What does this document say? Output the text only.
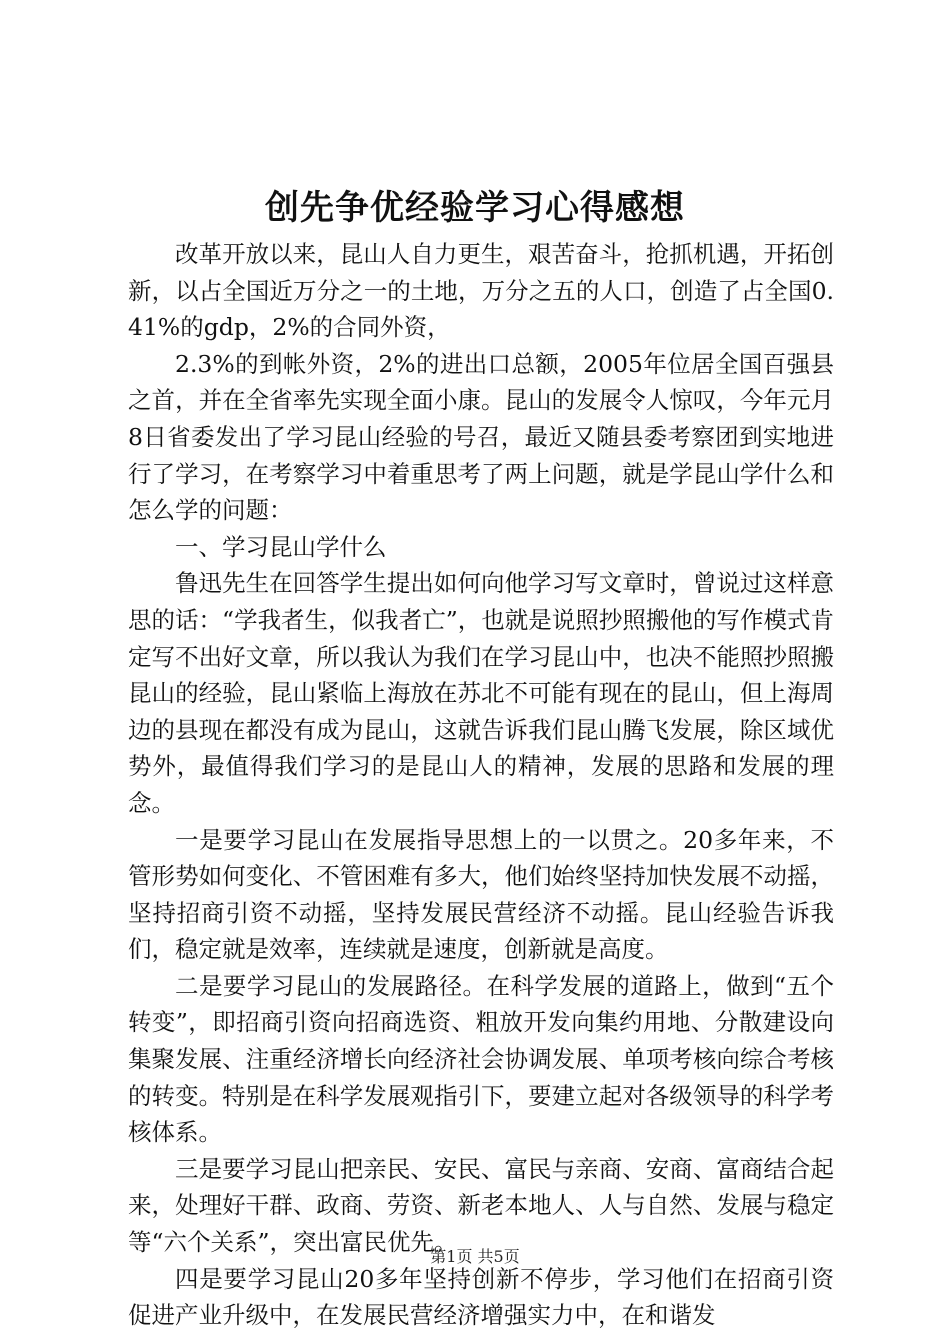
创先争优经验学习心得感想

改革开放以来，昆山人自力更生，艰苦奋斗，抢抓机遇，开拓创新，以占全国近万分之一的土地，万分之五的人口，创造了占全国0.41%的gdp，2%的合同外资，

2.3%的到帐外资，2%的进出口总额，2005年位居全国百强县之首，并在全省率先实现全面小康。昆山的发展令人惊叹，今年元月8日省委发出了学习昆山经验的号召，最近又随县委考察团到实地进行了学习，在考察学习中着重思考了两上问题，就是学昆山学什么和怎么学的问题：

一、学习昆山学什么

鲁迅先生在回答学生提出如何向他学习写文章时，曾说过这样意思的话：“学我者生，似我者亡”，也就是说照抄照搬他的写作模式肯定写不出好文章，所以我认为我们在学习昆山中，也决不能照抄照搬昆山的经验，昆山紧临上海放在苏北不可能有现在的昆山，但上海周边的县现在都没有成为昆山，这就告诉我们昆山腾飞发展，除区域优势外，最值得我们学习的是昆山人的精神，发展的思路和发展的理念。

一是要学习昆山在发展指导思想上的一以贯之。20多年来，不管形势如何变化、不管困难有多大，他们始终坚持加快发展不动摇，坚持招商引资不动摇，坚持发展民营经济不动摇。昆山经验告诉我们，稳定就是效率，连续就是速度，创新就是高度。

二是要学习昆山的发展路径。在科学发展的道路上，做到“五个转变”，即招商引资向招商选资、粗放开发向集约用地、分散建设向集聚发展、注重经济增长向经济社会协调发展、单项考核向综合考核的转变。特别是在科学发展观指引下，要建立起对各级领导的科学考核体系。

三是要学习昆山把亲民、安民、富民与亲商、安商、富商结合起来，处理好干群、政商、劳资、新老本地人、人与自然、发展与稳定等“六个关系”，突出富民优先。

四是要学习昆山20多年坚持创新不停步，学习他们在招商引资促进产业升级中，在发展民营经济增强实力中，在和谐发

第1页 共5页
